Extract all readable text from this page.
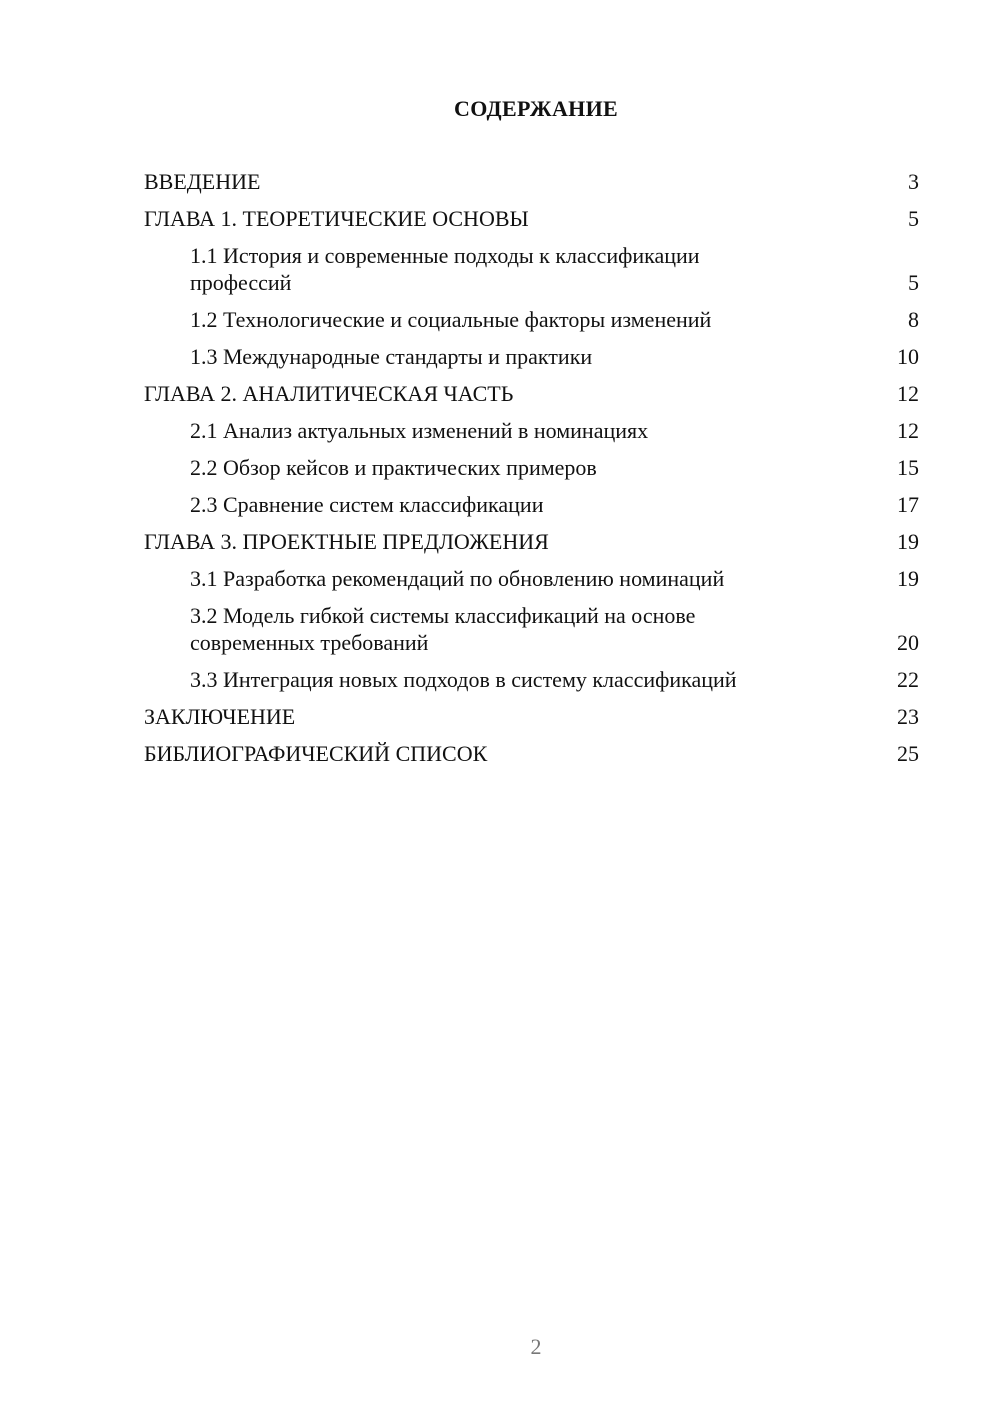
СОДЕРЖАНИЕ
ВВЕДЕНИЕ	3
ГЛАВА 1. ТЕОРЕТИЧЕСКИЕ ОСНОВЫ	5
1.1 История и современные подходы к классификации
профессий	5
1.2 Технологические и социальные факторы изменений	8
1.3 Международные стандарты и практики	10
ГЛАВА 2. АНАЛИТИЧЕСКАЯ ЧАСТЬ	12
2.1 Анализ актуальных изменений в номинациях	12
2.2 Обзор кейсов и практических примеров	15
2.3 Сравнение систем классификации	17
ГЛАВА 3. ПРОЕКТНЫЕ ПРЕДЛОЖЕНИЯ	19
3.1 Разработка рекомендаций по обновлению номинаций	19
3.2 Модель гибкой системы классификаций на основе
современных требований	20
3.3 Интеграция новых подходов в систему классификаций	22
ЗАКЛЮЧЕНИЕ	23
БИБЛИОГРАФИЧЕСКИЙ СПИСОК	25
2
